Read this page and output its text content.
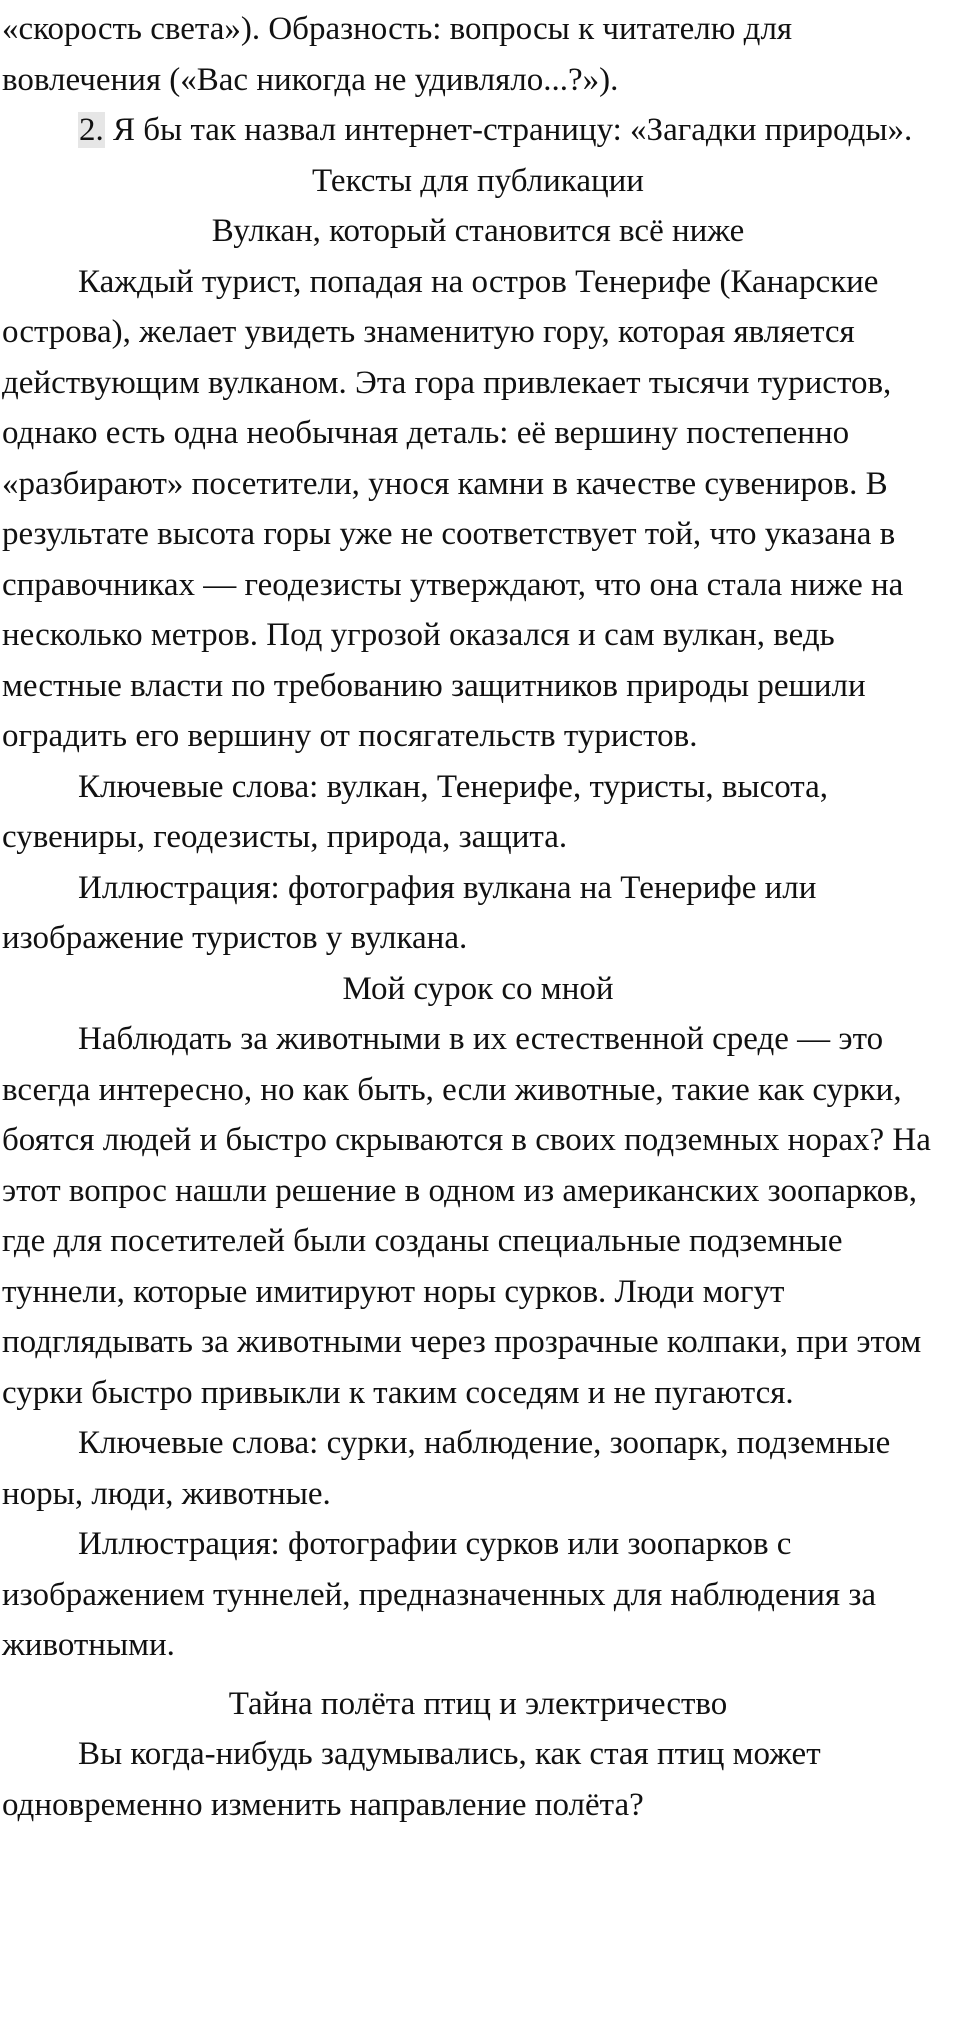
«скорость света»). Образность: вопросы к читателю для вовлечения («Вас никогда не удивляло...?»).

2. Я бы так назвал интернет-страницу: «Загадки природы».

Тексты для публикации

Вулкан, который становится всё ниже

Каждый турист, попадая на остров Тенерифе (Канарские острова), желает увидеть знаменитую гору, которая является действующим вулканом. Эта гора привлекает тысячи туристов, однако есть одна необычная деталь: её вершину постепенно «разбирают» посетители, унося камни в качестве сувениров. В результате высота горы уже не соответствует той, что указана в справочниках — геодезисты утверждают, что она стала ниже на несколько метров. Под угрозой оказался и сам вулкан, ведь местные власти по требованию защитников природы решили оградить его вершину от посягательств туристов.

Ключевые слова: вулкан, Тенерифе, туристы, высота, сувениры, геодезисты, природа, защита.

Иллюстрация: фотография вулкана на Тенерифе или изображение туристов у вулкана.

Мой сурок со мной

Наблюдать за животными в их естественной среде — это всегда интересно, но как быть, если животные, такие как сурки, боятся людей и быстро скрываются в своих подземных норах? На этот вопрос нашли решение в одном из американских зоопарков, где для посетителей были созданы специальные подземные туннели, которые имитируют норы сурков. Люди могут подглядывать за животными через прозрачные колпаки, при этом сурки быстро привыкли к таким соседям и не пугаются.

Ключевые слова: сурки, наблюдение, зоопарк, подземные норы, люди, животные.

Иллюстрация: фотографии сурков или зоопарков с изображением туннелей, предназначенных для наблюдения за животными.

Тайна полёта птиц и электричество

Вы когда-нибудь задумывались, как стая птиц может одновременно изменить направление полёта?
